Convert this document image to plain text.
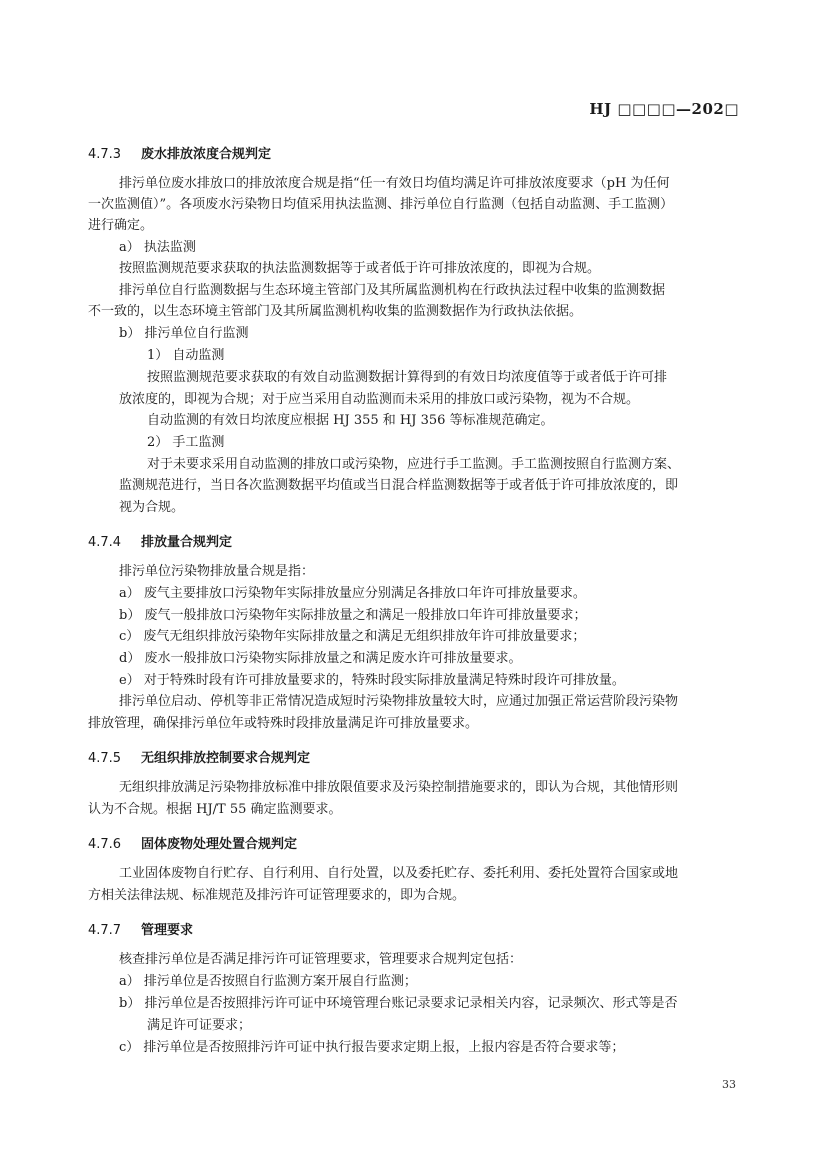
HJ □□□□—202□
4.7.3 废水排放浓度合规判定
排污单位废水排放口的排放浓度合规是指“任一有效日均值均满足许可排放浓度要求（pH 为任何
一次监测值）”。各项废水污染物日均值采用执法监测、排污单位自行监测（包括自动监测、手工监测）
进行确定。
a） 执法监测
按照监测规范要求获取的执法监测数据等于或者低于许可排放浓度的，即视为合规。
排污单位自行监测数据与生态环境主管部门及其所属监测机构在行政执法过程中收集的监测数据
不一致的，以生态环境主管部门及其所属监测机构收集的监测数据作为行政执法依据。
b） 排污单位自行监测
1） 自动监测
按照监测规范要求获取的有效自动监测数据计算得到的有效日均浓度值等于或者低于许可排
放浓度的，即视为合规；对于应当采用自动监测而未采用的排放口或污染物，视为不合规。
自动监测的有效日均浓度应根据 HJ 355 和 HJ 356 等标准规范确定。
2） 手工监测
对于未要求采用自动监测的排放口或污染物，应进行手工监测。手工监测按照自行监测方案、
监测规范进行，当日各次监测数据平均值或当日混合样监测数据等于或者低于许可排放浓度的，即
视为合规。
4.7.4 排放量合规判定
排污单位污染物排放量合规是指：
a） 废气主要排放口污染物年实际排放量应分别满足各排放口年许可排放量要求。
b） 废气一般排放口污染物年实际排放量之和满足一般排放口年许可排放量要求；
c） 废气无组织排放污染物年实际排放量之和满足无组织排放年许可排放量要求；
d） 废水一般排放口污染物实际排放量之和满足废水许可排放量要求。
e） 对于特殊时段有许可排放量要求的，特殊时段实际排放量满足特殊时段许可排放量。
排污单位启动、停机等非正常情况造成短时污染物排放量较大时，应通过加强正常运营阶段污染物
排放管理，确保排污单位年或特殊时段排放量满足许可排放量要求。
4.7.5 无组织排放控制要求合规判定
无组织排放满足污染物排放标准中排放限值要求及污染控制措施要求的，即认为合规，其他情形则
认为不合规。根据 HJ/T 55 确定监测要求。
4.7.6 固体废物处理处置合规判定
工业固体废物自行贮存、自行利用、自行处置，以及委托贮存、委托利用、委托处置符合国家或地
方相关法律法规、标准规范及排污许可证管理要求的，即为合规。
4.7.7 管理要求
核查排污单位是否满足排污许可证管理要求，管理要求合规判定包括：
a） 排污单位是否按照自行监测方案开展自行监测；
b） 排污单位是否按照排污许可证中环境管理台账记录要求记录相关内容，记录频次、形式等是否
满足许可证要求；
c） 排污单位是否按照排污许可证中执行报告要求定期上报，上报内容是否符合要求等；
33
